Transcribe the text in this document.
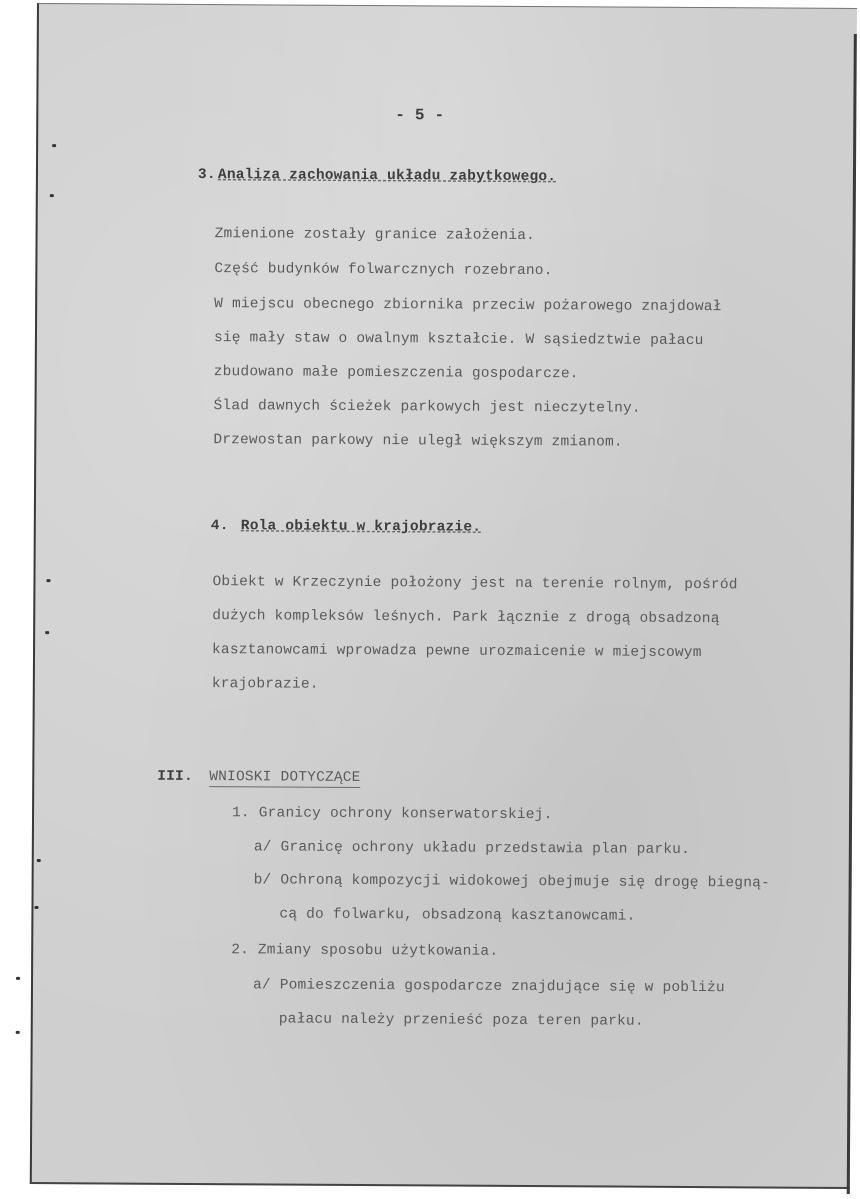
- 5 -
3. Analiza zachowania układu zabytkowego.
Zmienione zostały granice założenia.
Część budynków folwarcznych rozebrano.
W miejscu obecnego zbiornika przeciw pożarowego znajdował
się mały staw o owalnym kształcie. W sąsiedztwie pałacu
zbudowano małe pomieszczenia gospodarcze.
Ślad dawnych ścieżek parkowych jest nieczytelny.
Drzewostan parkowy nie uległ większym zmianom.
4. Rola obiektu w krajobrazie.
Obiekt w Krzeczynie położony jest na terenie rolnym, pośród
dużych kompleksów leśnych. Park łącznie z drogą obsadzoną
kasztanowcami wprowadza pewne urozmaicenie w miejscowym
krajobrazie.
III. WNIOSKI DOTYCZĄCE
1. Granicy ochrony konserwatorskiej.
a/ Granicę ochrony układu przedstawia plan parku.
b/ Ochroną kompozycji widokowej obejmuje się drogę biegną-
cą do folwarku, obsadzoną kasztanowcami.
2. Zmiany sposobu użytkowania.
a/ Pomieszczenia gospodarcze znajdujące się w pobliżu
pałacu należy przenieść poza teren parku.
